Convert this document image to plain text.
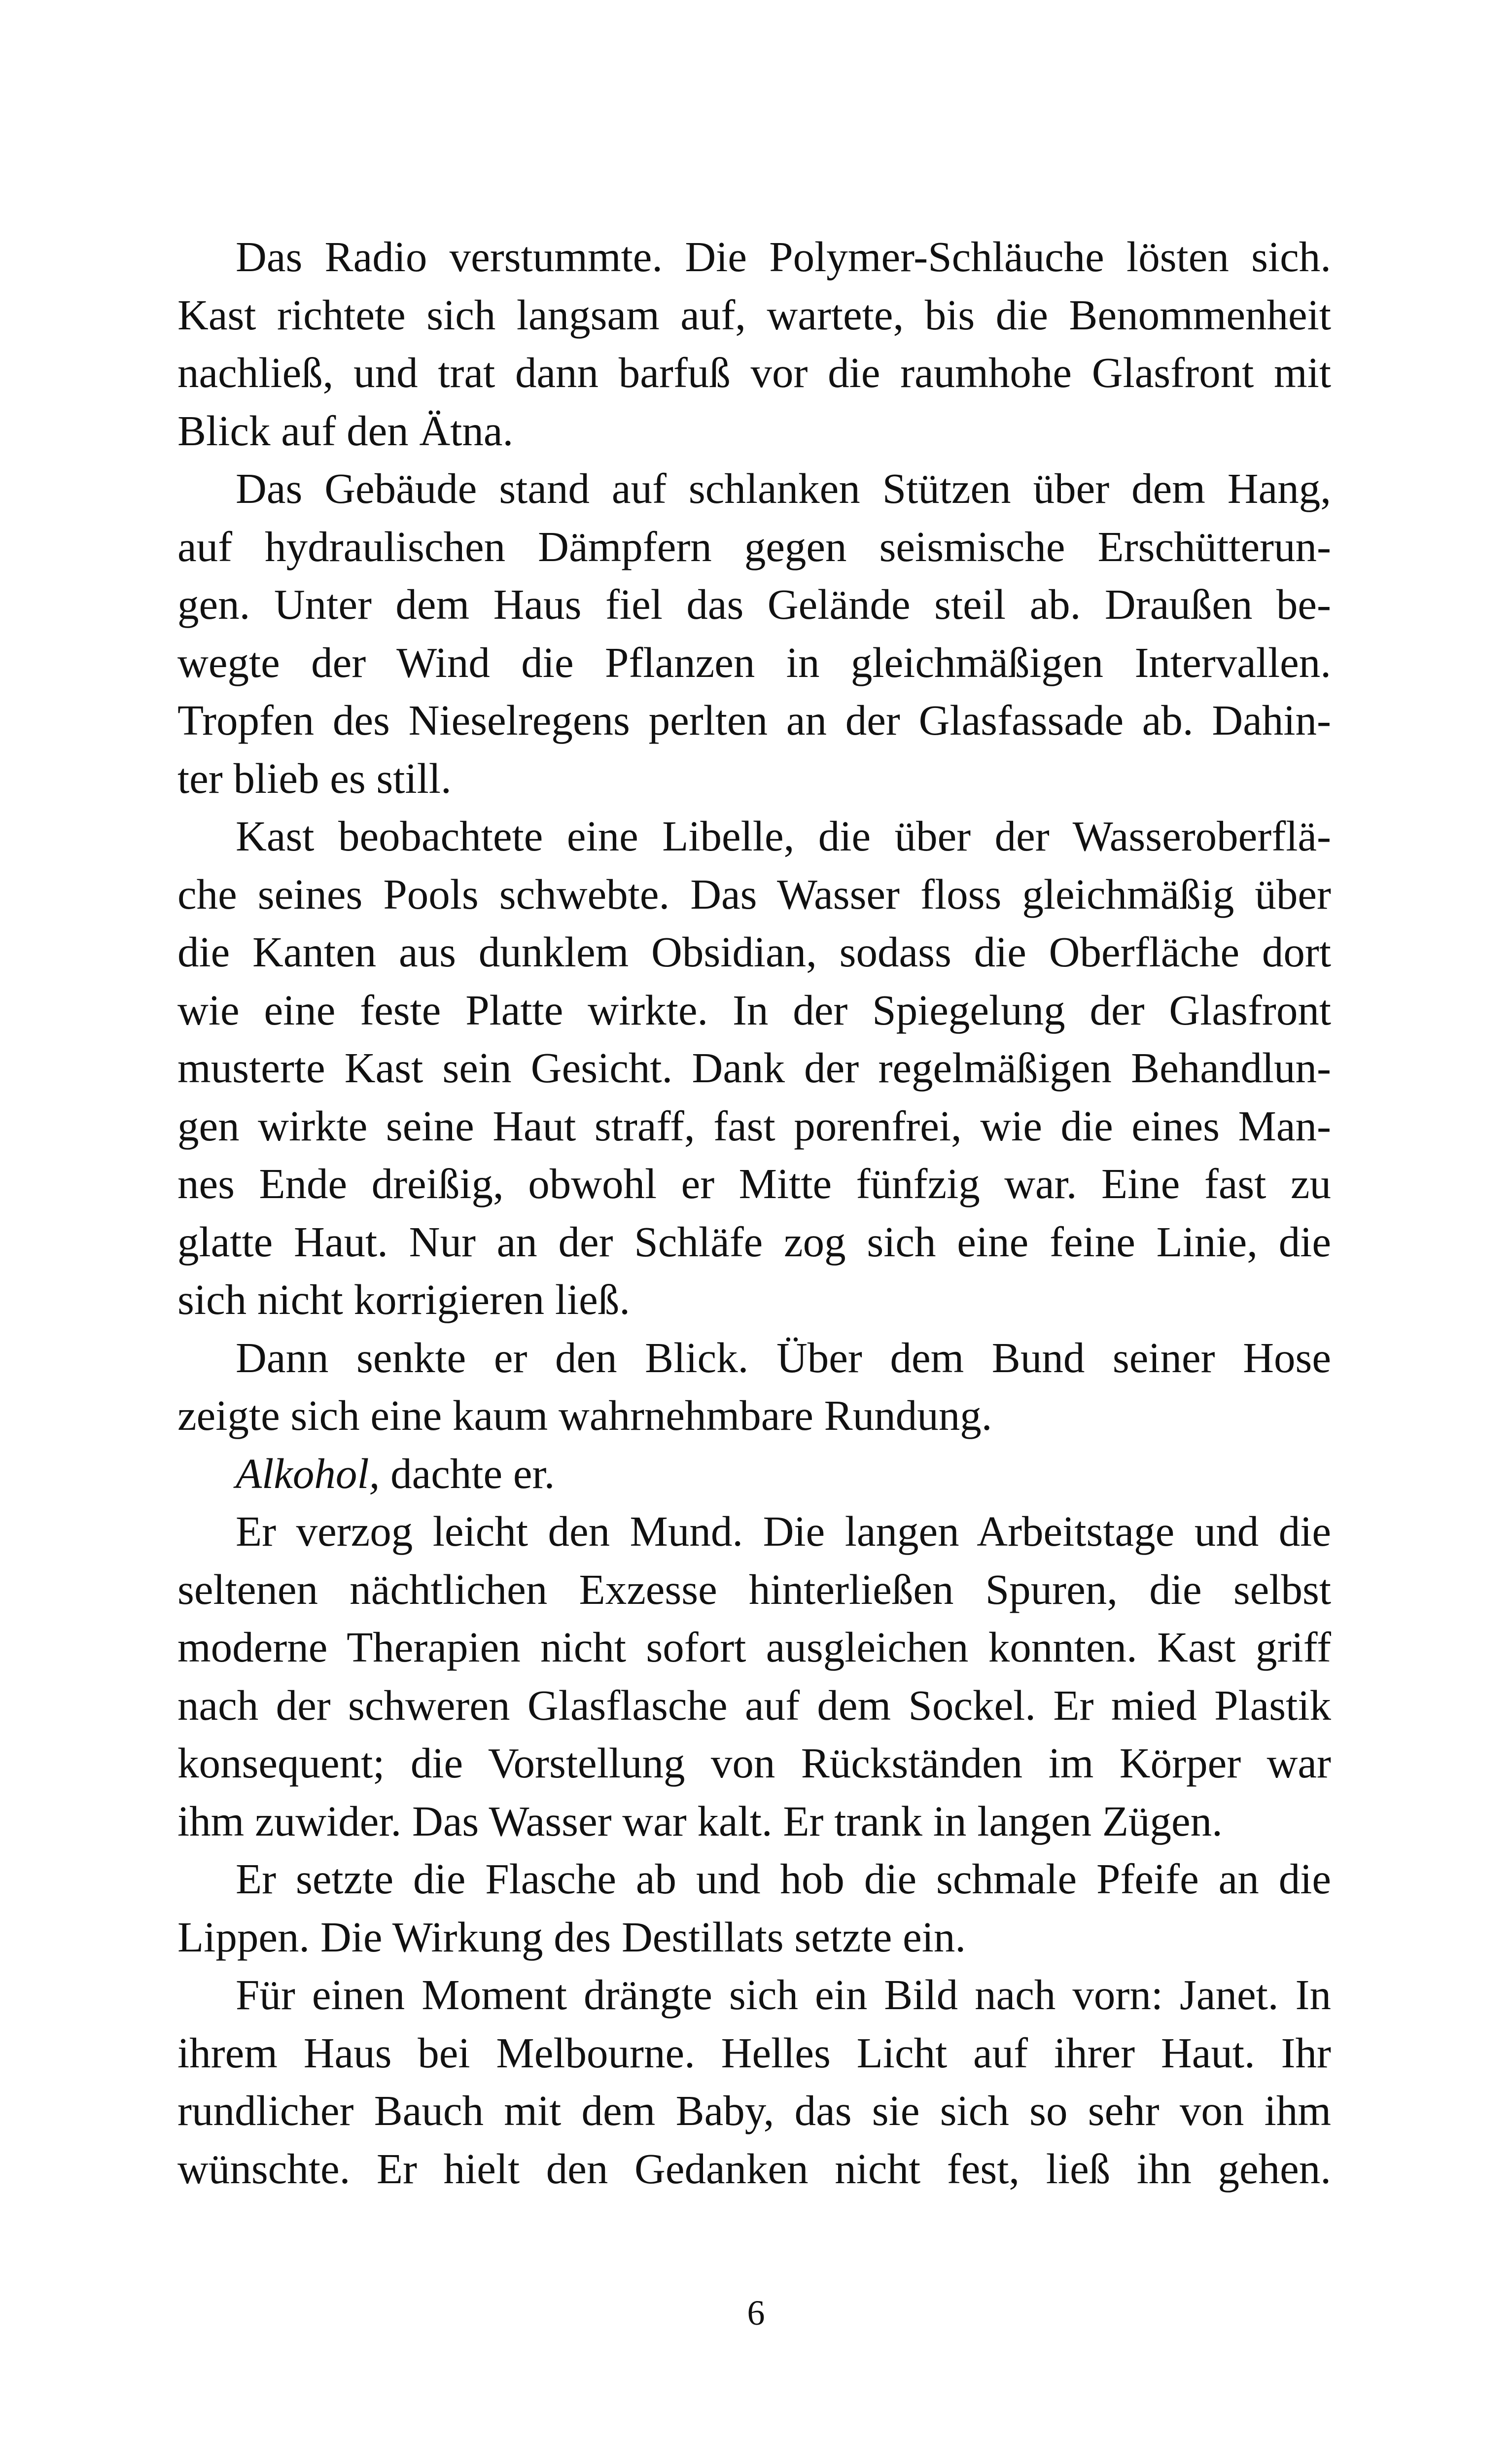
Das Radio verstummte. Die Polymer-Schläuche lösten sich.
Kast richtete sich langsam auf, wartete, bis die Benommenheit
nachließ, und trat dann barfuß vor die raumhohe Glasfront mit
Blick auf den Ätna.
Das Gebäude stand auf schlanken Stützen über dem Hang,
auf hydraulischen Dämpfern gegen seismische Erschütterun-
gen. Unter dem Haus fiel das Gelände steil ab. Draußen be-
wegte der Wind die Pflanzen in gleichmäßigen Intervallen.
Tropfen des Nieselregens perlten an der Glasfassade ab. Dahin-
ter blieb es still.
Kast beobachtete eine Libelle, die über der Wasseroberflä-
che seines Pools schwebte. Das Wasser floss gleichmäßig über
die Kanten aus dunklem Obsidian, sodass die Oberfläche dort
wie eine feste Platte wirkte. In der Spiegelung der Glasfront
musterte Kast sein Gesicht. Dank der regelmäßigen Behandlun-
gen wirkte seine Haut straff, fast porenfrei, wie die eines Man-
nes Ende dreißig, obwohl er Mitte fünfzig war. Eine fast zu
glatte Haut. Nur an der Schläfe zog sich eine feine Linie, die
sich nicht korrigieren ließ.
Dann senkte er den Blick. Über dem Bund seiner Hose
zeigte sich eine kaum wahrnehmbare Rundung.
Alkohol, dachte er.
Er verzog leicht den Mund. Die langen Arbeitstage und die
seltenen nächtlichen Exzesse hinterließen Spuren, die selbst
moderne Therapien nicht sofort ausgleichen konnten. Kast griff
nach der schweren Glasflasche auf dem Sockel. Er mied Plastik
konsequent; die Vorstellung von Rückständen im Körper war
ihm zuwider. Das Wasser war kalt. Er trank in langen Zügen.
Er setzte die Flasche ab und hob die schmale Pfeife an die
Lippen. Die Wirkung des Destillats setzte ein.
Für einen Moment drängte sich ein Bild nach vorn: Janet. In
ihrem Haus bei Melbourne. Helles Licht auf ihrer Haut. Ihr
rundlicher Bauch mit dem Baby, das sie sich so sehr von ihm
wünschte. Er hielt den Gedanken nicht fest, ließ ihn gehen.
6
